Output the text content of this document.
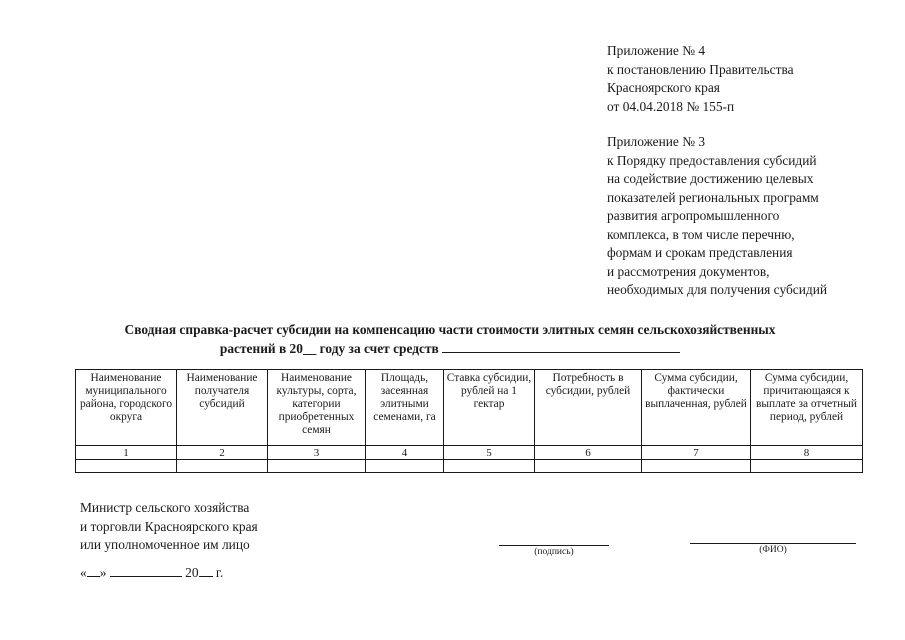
Приложение № 4
к постановлению Правительства
Красноярского края
от 04.04.2018 № 155-п
Приложение № 3
к Порядку предоставления субсидий
на содействие достижению целевых
показателей региональных программ
развития агропромышленного
комплекса, в том числе перечню,
формам и срокам представления
и рассмотрения документов,
необходимых для получения субсидий
Сводная справка-расчет субсидии на компенсацию части стоимости элитных семян сельскохозяйственных
растений в 20__ году за счет средств
Наименование муниципального района, городского округа	Наименование получателя субсидий	Наименование культуры, сорта, категории приобретенных семян	Площадь, засеянная элитными семенами, га	Ставка субсидии, рублей на 1 гектар	Потребность в субсидии, рублей	Сумма субсидии, фактически выплаченная, рублей	Сумма субсидии, причитающаяся к выплате за отчетный период, рублей
1	2	3	4	5	6	7	8

Министр сельского хозяйства
и торговли Красноярского края
или уполномоченное им лицо	(подпись)	(ФИО)
« »	20 г.
